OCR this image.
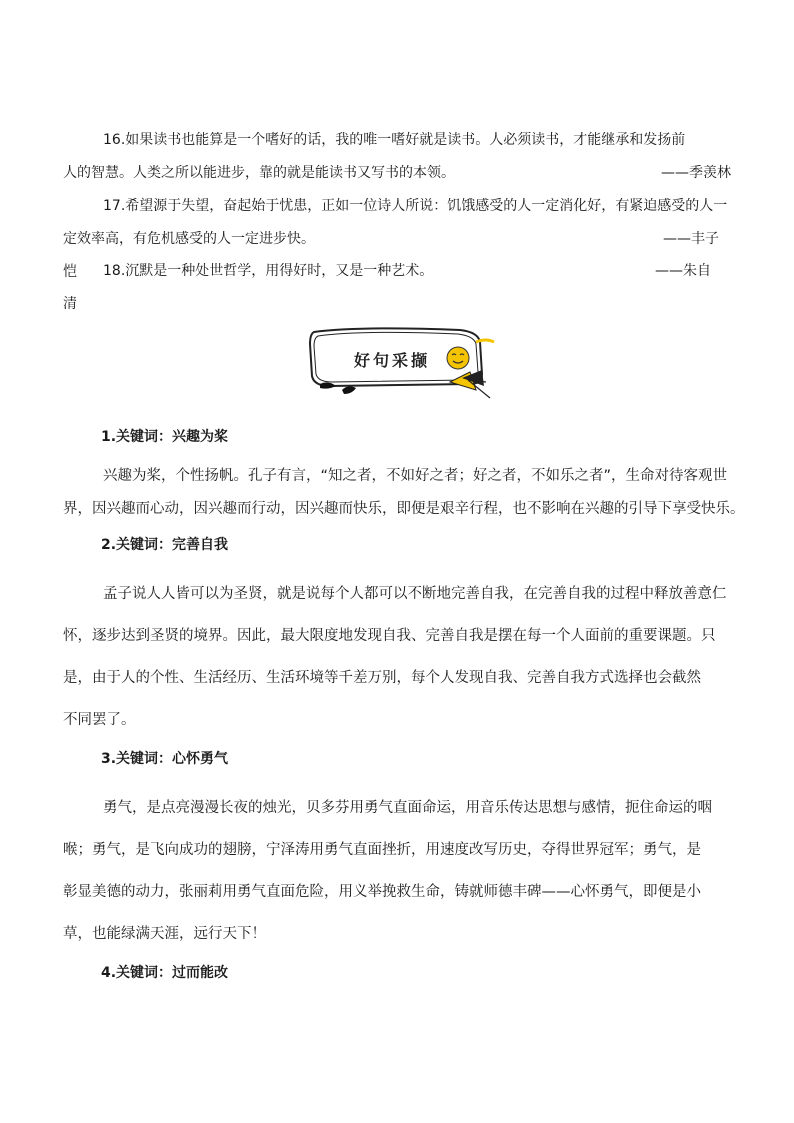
16.如果读书也能算是一个嗜好的话，我的唯一嗜好就是读书。人必须读书，才能继承和发扬前
人的智慧。人类之所以能进步，靠的就是能读书又写书的本领。	——季羡林
17.希望源于失望，奋起始于忧患，正如一位诗人所说：饥饿感受的人一定消化好，有紧迫感受的人一
定效率高，有危机感受的人一定进步快。	——丰子
恺	18.沉默是一种处世哲学，用得好时，又是一种艺术。	——朱自
清
好句采撷
1.关键词：兴趣为桨
兴趣为桨，个性扬帆。孔子有言，“知之者，不如好之者；好之者，不如乐之者”，生命对待客观世
界，因兴趣而心动，因兴趣而行动，因兴趣而快乐，即便是艰辛行程，也不影响在兴趣的引导下享受快乐。
2.关键词：完善自我
孟子说人人皆可以为圣贤，就是说每个人都可以不断地完善自我，在完善自我的过程中释放善意仁
怀，逐步达到圣贤的境界。因此，最大限度地发现自我、完善自我是摆在每一个人面前的重要课题。只
是，由于人的个性、生活经历、生活环境等千差万别，每个人发现自我、完善自我方式选择也会截然
不同罢了。
3.关键词：心怀勇气
勇气，是点亮漫漫长夜的烛光，贝多芬用勇气直面命运，用音乐传达思想与感情，扼住命运的咽
喉；勇气，是飞向成功的翅膀，宁泽涛用勇气直面挫折，用速度改写历史，夺得世界冠军；勇气，是
彰显美德的动力，张丽莉用勇气直面危险，用义举挽救生命，铸就师德丰碑——心怀勇气，即便是小
草，也能绿满天涯，远行天下！
4.关键词：过而能改
